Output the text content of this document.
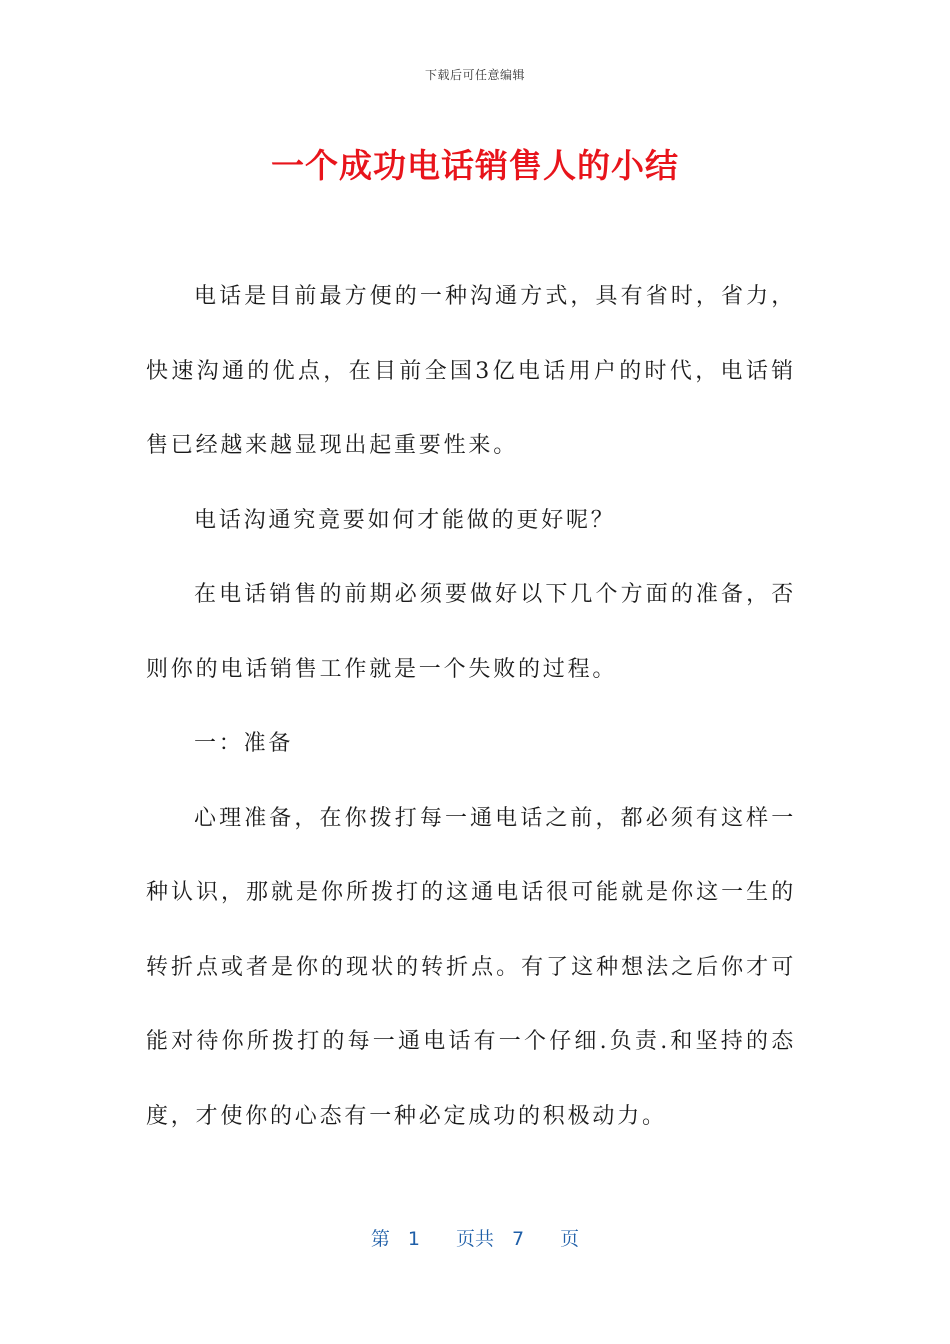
下载后可任意编辑
一个成功电话销售人的小结

电话是目前最方便的一种沟通方式，具有省时，省力，快速沟通的优点，在目前全国3亿电话用户的时代，电话销售已经越来越显现出起重要性来。

电话沟通究竟要如何才能做的更好呢？

在电话销售的前期必须要做好以下几个方面的准备，否则你的电话销售工作就是一个失败的过程。

一：准备

心理准备，在你拨打每一通电话之前，都必须有这样一种认识，那就是你所拨打的这通电话很可能就是你这一生的转折点或者是你的现状的转折点。有了这种想法之后你才可能对待你所拨打的每一通电话有一个仔细.负责.和坚持的态度，才使你的心态有一种必定成功的积极动力。

第 1 页共 7 页
